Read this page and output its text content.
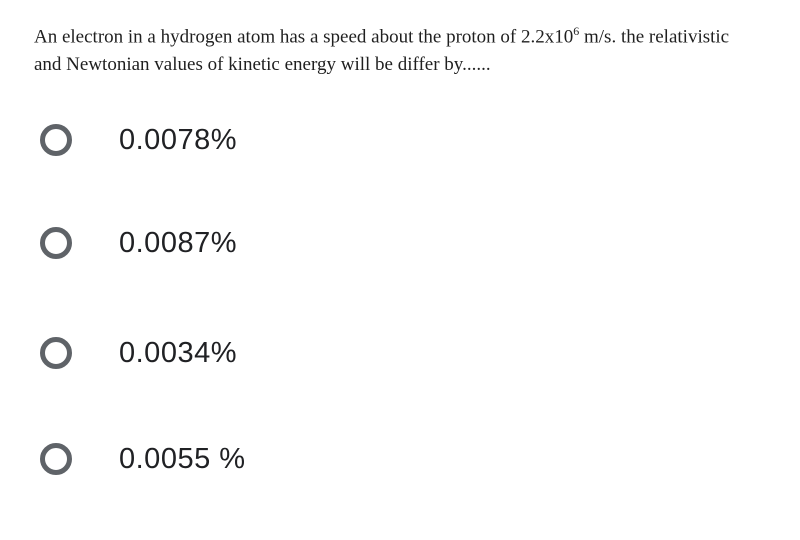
An electron in a hydrogen atom has a speed about the proton of $2.2x10^6$ m/s. the relativistic
and Newtonian values of kinetic energy will be differ by......
0.0078%
0.0087%
0.0034%
0.0055 %
